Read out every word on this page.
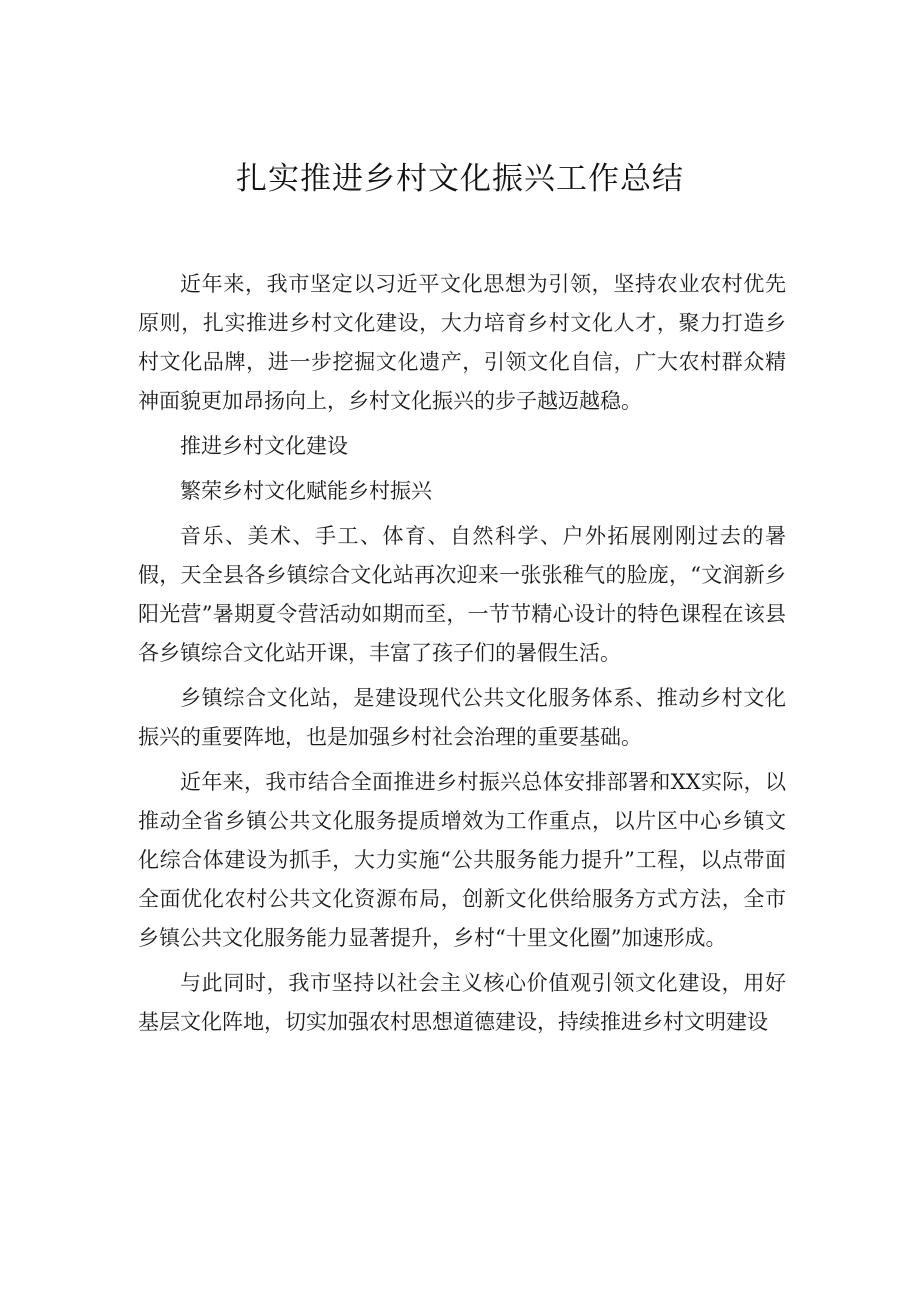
扎实推进乡村文化振兴工作总结

近年来，我市坚定以习近平文化思想为引领，坚持农业农村优先原则，扎实推进乡村文化建设，大力培育乡村文化人才，聚力打造乡村文化品牌，进一步挖掘文化遗产，引领文化自信，广大农村群众精神面貌更加昂扬向上，乡村文化振兴的步子越迈越稳。

推进乡村文化建设

繁荣乡村文化赋能乡村振兴

音乐、美术、手工、体育、自然科学、户外拓展刚刚过去的暑假，天全县各乡镇综合文化站再次迎来一张张稚气的脸庞，“文润新乡阳光营”暑期夏令营活动如期而至，一节节精心设计的特色课程在该县各乡镇综合文化站开课，丰富了孩子们的暑假生活。

乡镇综合文化站，是建设现代公共文化服务体系、推动乡村文化振兴的重要阵地，也是加强乡村社会治理的重要基础。

近年来，我市结合全面推进乡村振兴总体安排部署和XX实际，以推动全省乡镇公共文化服务提质增效为工作重点，以片区中心乡镇文化综合体建设为抓手，大力实施“公共服务能力提升”工程，以点带面全面优化农村公共文化资源布局，创新文化供给服务方式方法，全市乡镇公共文化服务能力显著提升，乡村“十里文化圈”加速形成。

与此同时，我市坚持以社会主义核心价值观引领文化建设，用好基层文化阵地，切实加强农村思想道德建设，持续推进乡村文明建设
